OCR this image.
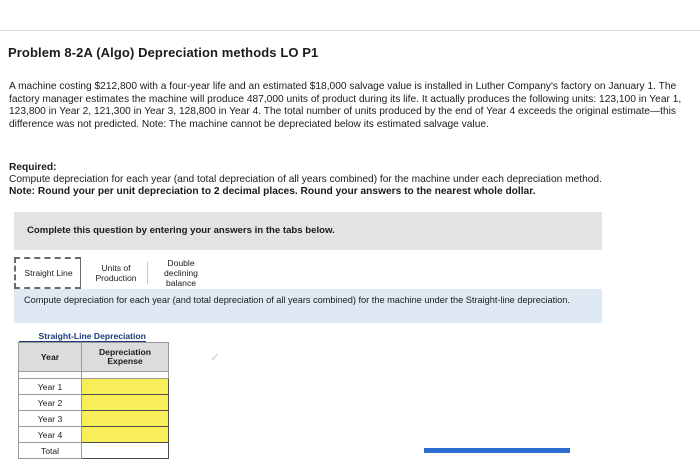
Problem 8-2A (Algo) Depreciation methods LO P1
A machine costing $212,800 with a four-year life and an estimated $18,000 salvage value is installed in Luther Company's factory on January 1. The factory manager estimates the machine will produce 487,000 units of product during its life. It actually produces the following units: 123,100 in Year 1, 123,800 in Year 2, 121,300 in Year 3, 128,800 in Year 4. The total number of units produced by the end of Year 4 exceeds the original estimate—this difference was not predicted. Note: The machine cannot be depreciated below its estimated salvage value.
Required:
Compute depreciation for each year (and total depreciation of all years combined) for the machine under each depreciation method.
Note: Round your per unit depreciation to 2 decimal places. Round your answers to the nearest whole dollar.
Complete this question by entering your answers in the tabs below.
Straight Line	Units of
Production
Double
declining
balance
Compute depreciation for each year (and total depreciation of all years combined) for the machine under the Straight-line depreciation.
Straight-Line Depreciation	
Year	Depreciation
Expense

Year 1	
Year 2	
Year 3	
Year 4	
Total	
✓
